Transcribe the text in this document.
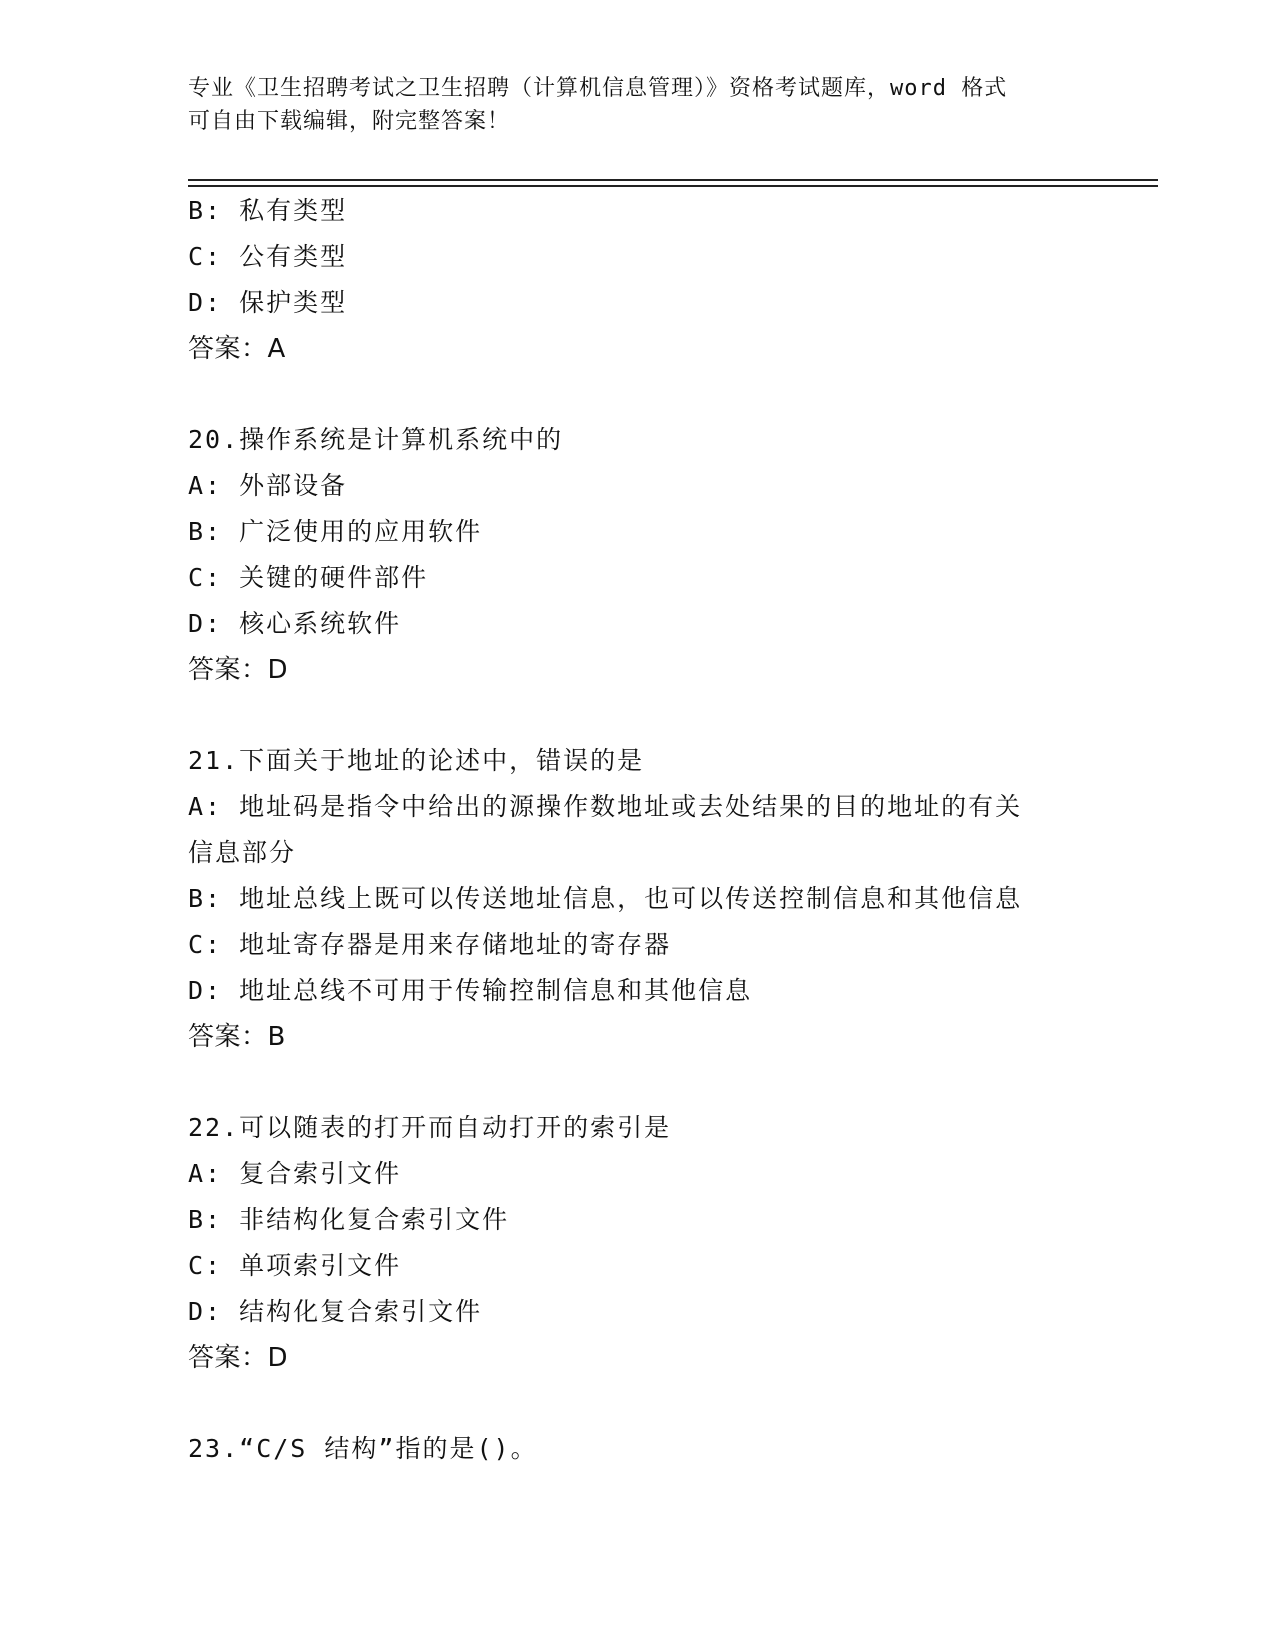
专业《卫生招聘考试之卫生招聘（计算机信息管理）》资格考试题库，word 格式
可自由下载编辑，附完整答案！
B: 私有类型
C: 公有类型
D: 保护类型
答案：A
20.操作系统是计算机系统中的
A: 外部设备
B: 广泛使用的应用软件
C: 关键的硬件部件
D: 核心系统软件
答案：D
21.下面关于地址的论述中，错误的是
A: 地址码是指令中给出的源操作数地址或去处结果的目的地址的有关
信息部分
B: 地址总线上既可以传送地址信息，也可以传送控制信息和其他信息
C: 地址寄存器是用来存储地址的寄存器
D: 地址总线不可用于传输控制信息和其他信息
答案：B
22.可以随表的打开而自动打开的索引是
A: 复合索引文件
B: 非结构化复合索引文件
C: 单项索引文件
D: 结构化复合索引文件
答案：D
23.“C/S 结构”指的是()。
